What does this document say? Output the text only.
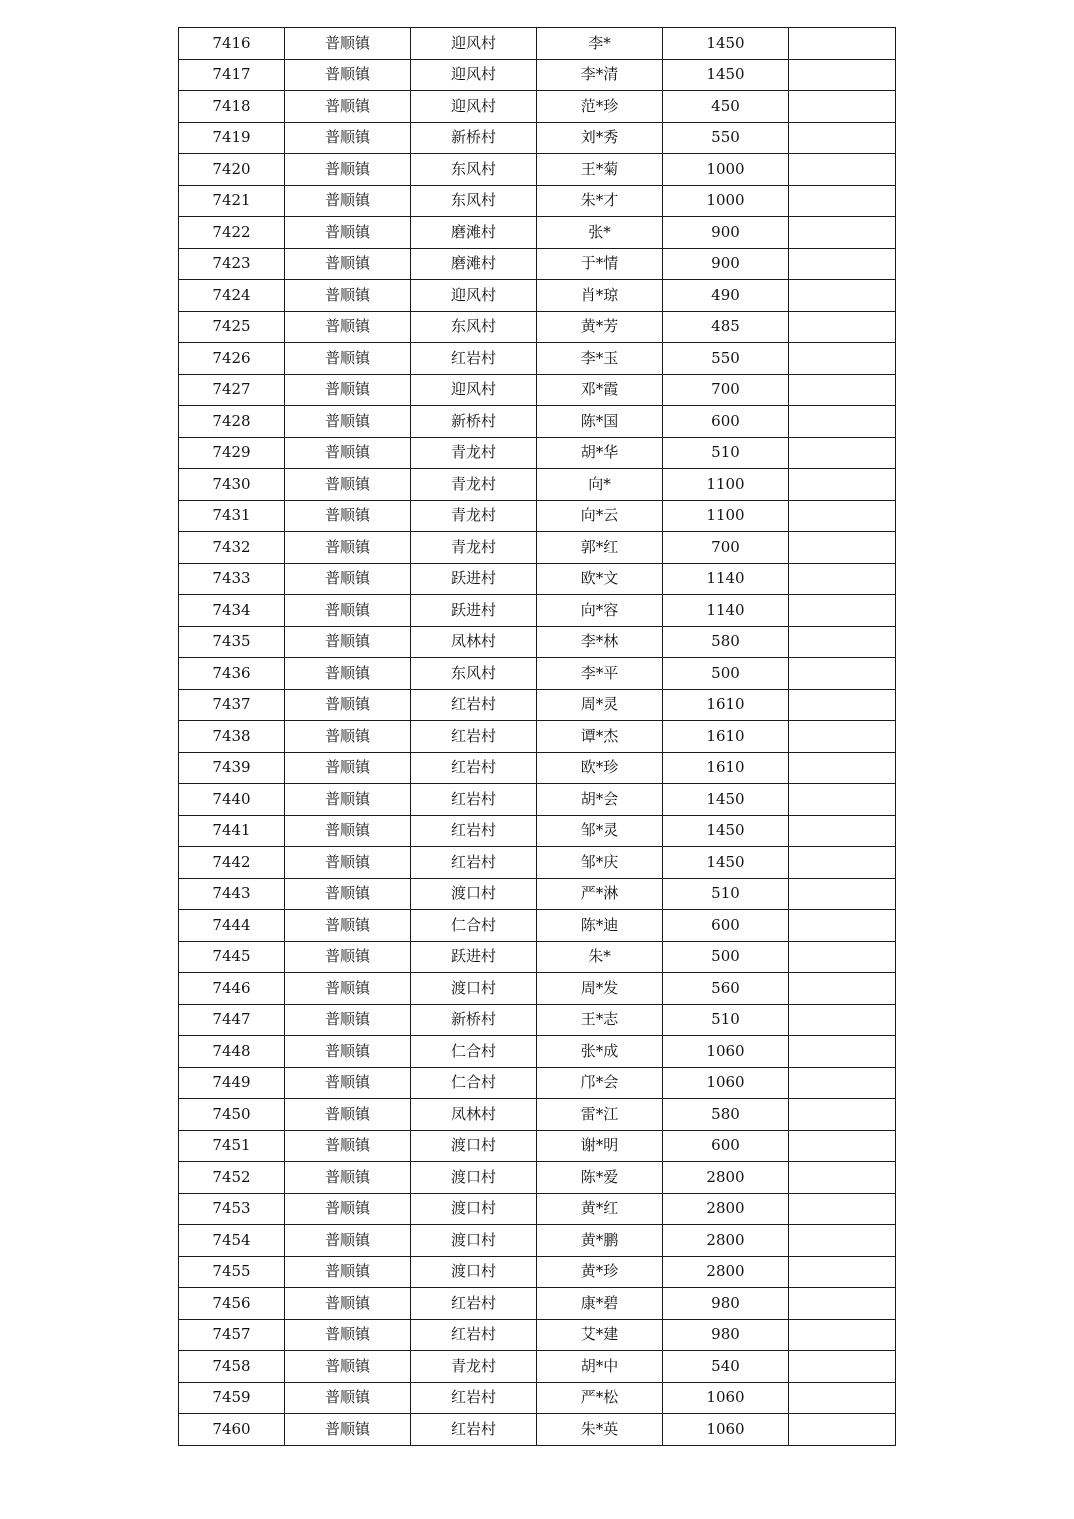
7416	普顺镇	迎风村	李*	1450	
7417	普顺镇	迎风村	李*清	1450	
7418	普顺镇	迎风村	范*珍	450	
7419	普顺镇	新桥村	刘*秀	550	
7420	普顺镇	东风村	王*菊	1000	
7421	普顺镇	东风村	朱*才	1000	
7422	普顺镇	磨滩村	张*	900	
7423	普顺镇	磨滩村	于*情	900	
7424	普顺镇	迎风村	肖*琼	490	
7425	普顺镇	东风村	黄*芳	485	
7426	普顺镇	红岩村	李*玉	550	
7427	普顺镇	迎风村	邓*霞	700	
7428	普顺镇	新桥村	陈*国	600	
7429	普顺镇	青龙村	胡*华	510	
7430	普顺镇	青龙村	向*	1100	
7431	普顺镇	青龙村	向*云	1100	
7432	普顺镇	青龙村	郭*红	700	
7433	普顺镇	跃进村	欧*文	1140	
7434	普顺镇	跃进村	向*容	1140	
7435	普顺镇	凤林村	李*林	580	
7436	普顺镇	东风村	李*平	500	
7437	普顺镇	红岩村	周*灵	1610	
7438	普顺镇	红岩村	谭*杰	1610	
7439	普顺镇	红岩村	欧*珍	1610	
7440	普顺镇	红岩村	胡*会	1450	
7441	普顺镇	红岩村	邹*灵	1450	
7442	普顺镇	红岩村	邹*庆	1450	
7443	普顺镇	渡口村	严*淋	510	
7444	普顺镇	仁合村	陈*迪	600	
7445	普顺镇	跃进村	朱*	500	
7446	普顺镇	渡口村	周*发	560	
7447	普顺镇	新桥村	王*志	510	
7448	普顺镇	仁合村	张*成	1060	
7449	普顺镇	仁合村	邝*会	1060	
7450	普顺镇	凤林村	雷*江	580	
7451	普顺镇	渡口村	谢*明	600	
7452	普顺镇	渡口村	陈*爱	2800	
7453	普顺镇	渡口村	黄*红	2800	
7454	普顺镇	渡口村	黄*鹏	2800	
7455	普顺镇	渡口村	黄*珍	2800	
7456	普顺镇	红岩村	康*碧	980	
7457	普顺镇	红岩村	艾*建	980	
7458	普顺镇	青龙村	胡*中	540	
7459	普顺镇	红岩村	严*松	1060	
7460	普顺镇	红岩村	朱*英	1060	
